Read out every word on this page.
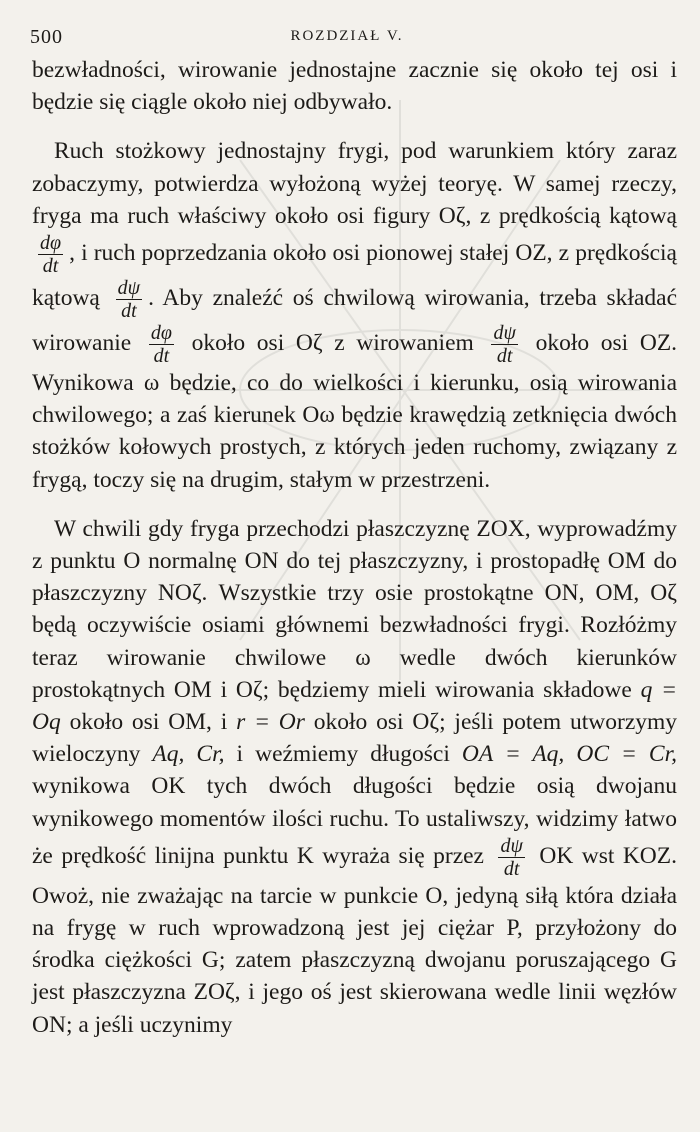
500	ROZDZIAŁ V.

bezwładności, wirowanie jednostajne zacznie się około tej osi i będzie się ciągle około niej odbywało.

Ruch stożkowy jednostajny frygi, pod warunkiem który zaraz zobaczymy, potwierdza wyłożoną wyżej teoryę. W samej rzeczy, fryga ma ruch właściwy około osi figury Oζ, z prędkością kątową
$\frac{d\varphi}{dt}$ , i ruch poprzedzania około osi pionowej stałej OZ, z prędkością kątową $\frac{d\psi}{dt}$ . Aby znaleźć oś chwilową wirowania, trzeba składać wirowanie $\frac{d\varphi}{dt}$ około osi Oζ z wirowaniem $\frac{d\psi}{dt}$ około osi OZ. Wynikowa ω będzie, co do wielkości i kierunku, osią wirowania chwilowego; a zaś kierunek Oω będzie krawędzią zetknięcia dwóch stożków kołowych prostych, z których jeden ruchomy, związany z frygą, toczy się na drugim, stałym w przestrzeni.

W chwili gdy fryga przechodzi płaszczyznę ZOX, wyprowadźmy z punktu O normalnę ON do tej płaszczyzny, i prostopadłę OM do płaszczyzny NOζ. Wszystkie trzy osie prostokątne ON, OM, Oζ będą oczywiście osiami głównemi bezwładności frygi. Rozłóżmy teraz wirowanie chwilowe ω wedle dwóch kierunków prostokątnych OM i Oζ; będziemy mieli wirowania składowe q = Oq około osi OM, i r = Or około osi Oζ; jeśli potem utworzymy wieloczyny Aq, Cr, i weźmiemy długości OA = Aq, OC = Cr, wynikowa OK tych dwóch długości będzie osią dwojanu wynikowego momentów ilości ruchu. To ustaliwszy, widzimy łatwo że prędkość linijna punktu K wyraża się przez $\frac{d\psi}{dt}$ OK wst KOZ. Owoż, nie zważając na tarcie w punkcie O, jedyną siłą która działa na frygę w ruch wprowadzoną jest jej ciężar P, przyłożony do środka ciężkości G; zatem płaszczyzną dwojanu poruszającego G jest płaszczyzna ZOζ, i jego oś jest skierowana wedle linii węzłów ON; a jeśli uczynimy
